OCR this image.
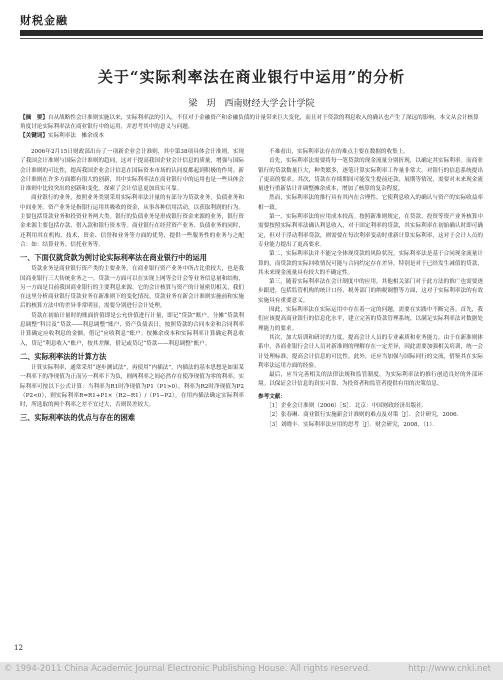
财税金融
关于“实际利率法在商业银行中运用”的分析
梁　玥　西南财经大学会计学院
【摘　要】自从战略性会计准则实施以来，实际利率法的引入，不仅对于金融资产和金融负债的计量带来巨大变化，而且对于贷款的利息收入的确认也产生了深远的影响。本文从会计核算角度讨论实际利率法在商业银行中的运用，并思考其中的意义与问题。
【关键词】实际利率法　摊余成本

2006年2月15日财政部出台了一项新企业会计准则，其中第38项具体会计准则，实现了我国会计准则与国际会计准则的趋同，这对于提高我国企业会计信息的质量，增强与国际会计准则的可比性，提高我国企业会计信息在国际资本市场的认同度都起到积极的作用。新会计准则在许多方面都有很大的创新，其中实际利率法在商业银行中的运用也是一些具体会计准则中比较突出的创新和变化。探索了会计信息更加真实可靠。

商业银行的业务，按照业务类别采用实际利率法计量的有部分为贷款业务，负债业务和中间业务。资产业务是指银行运用其吸收的资金，从事各种信用活动，以获取利润的行为。主要包括贷款业务和投资业务两大类。银行的负债业务是形成银行资金来源的业务，银行资金来源主要包括存款、借入款和银行资本等。商业银行在经营资产业务、负债业务的同时，还利用其在机构、技术、资金、信誉和业务等方面的优势，提供一些服务性的业务与之配合：如：结算业务、信托业务等。

一、下面仅就贷款为例讨论实际利率法在商业银行中的运用

贷款业务是商业银行资产类的主要业务，在商业银行资产业务中所占比重较大，也是我国商业银行三大传统业务之一。贷款一方面可以在实现上网等会计会等业务信息量和结构，另一方面是目前我国商业银行的主要利息来源。它的会计核算与资产的计量密切相关，我们在这里分析商业银行贷款业务在新准则下的变化情况。贷款业务在新会计准则实施前和实施后的核算方法中的差异非常明显，需要分别进行会计处理。

贷款在初始计量时的账面价值即是公允价值进行计量，即记“贷款”账户，分摊“贷款利息调整”科目及“贷款——利息调整”账户，资产负债表日，按照贷款的合同本金和合同利率计算确定应收利息的金额，借记“应收利息”账户；按摊余成本和实际利率计算确定利息收入，贷记“利息收入”账户，按其差额，借记或贷记“贷款——利息调整”账户。

二、实际利率法的计算方法

计算实际利率，通常采用“逐步测试法”，再使用“内插法”。内插法的基本思想是如果某一利率下的净现值为正而另一利率下为负，则两利率之间必然存在使净现值为零的利率。实际利率可按以下公式计算：当利率为R1时净现值为P1（P1>0），利率为R2时净现值为P2（P2<0），则实际利率R=R1+P1×（R2−R1）/（P1−P2）。在用内插法确定实际利率时，所选取的两个利率之差不宜过大，否则误差较大。

三、实际利率法的优点与存在的困难

不难看出，实际利率法存在的难点主要在数据的收集上。

首先，实际利率法需要将每一笔贷款的现金流量分别折现，以确定其实际利率。而商业银行的贷款数量巨大，种类繁多，逐笔计算实际利率工作量非常大，对银行的信息系统提出了更高的要求。其次，贷款在存续期间可能发生提前还款、展期等情况，需要对未来现金流量进行重新估计并调整摊余成本，增加了核算的复杂程度。

然而，实际利率法的推行具有其内在合理性，它使利息收入的确认与资产的实际收益率相一致。

第一，实际利率法的应用成本较高。按照新准则规定，在贷款、投资等资产业务核算中需要按照实际利率法确认利息收入，对于固定利率的贷款，其实际利率在初始确认时即可确定，但对于浮动利率贷款，则需要在每次利率变动时重新计算实际利率，这对于会计人员的专业能力提出了更高要求。

第二，实际利率法并不能完全体现贷款的风险状况。实际利率法是基于合同现金流量计算的，而贷款的实际回收情况可能与合同约定存在差异，特别是对于已经发生减值的贷款，其未来现金流量具有较大的不确定性。

第三，随着实际利率法在会计制度中的应用，其他相关部门对于此方法的推广也需要逐步跟进，包括监管机构的统计口径、税务部门的纳税调整等方面，这对于实际利率法的有效实施具有重要意义。

因此，实际利率法在实际运用中存在着一定的问题，需要在实践中不断完善。首先，我们应该提高商业银行的信息化水平，建立完善的贷款管理系统，以满足实际利率法对数据处理能力的要求。

其次，加大培训和研讨的力度，提高会计人员的专业素质和业务能力。由于在新准则体系中，各商业银行会计人员对新准则的理解存在一定差异，因此需要加强相关培训，统一会计处理标准，提高会计信息的可比性。此外，还应当加强与国际同行的交流，借鉴其在实际利率法运用方面的经验。

最后，应当完善相关的法律法规和监管制度，为实际利率法的推行创造良好的外部环境。以保证会计信息的真实可靠，为投资者和监管者提供有用的决策信息。

参考文献：

［1］企业会计准则（2006）［S］．北京：中国财政经济出版社．

［2］张春琳．商业银行实施新会计准则的难点及对策［J］．会计研究，2006．

［3］刘晓丰．实际利率法应用的思考［J］．财会研究，2008，（1）．

12
© 1994-2011 China Academic Journal Electronic Publishing House. All rights reserved.	http://www.cnki.net
